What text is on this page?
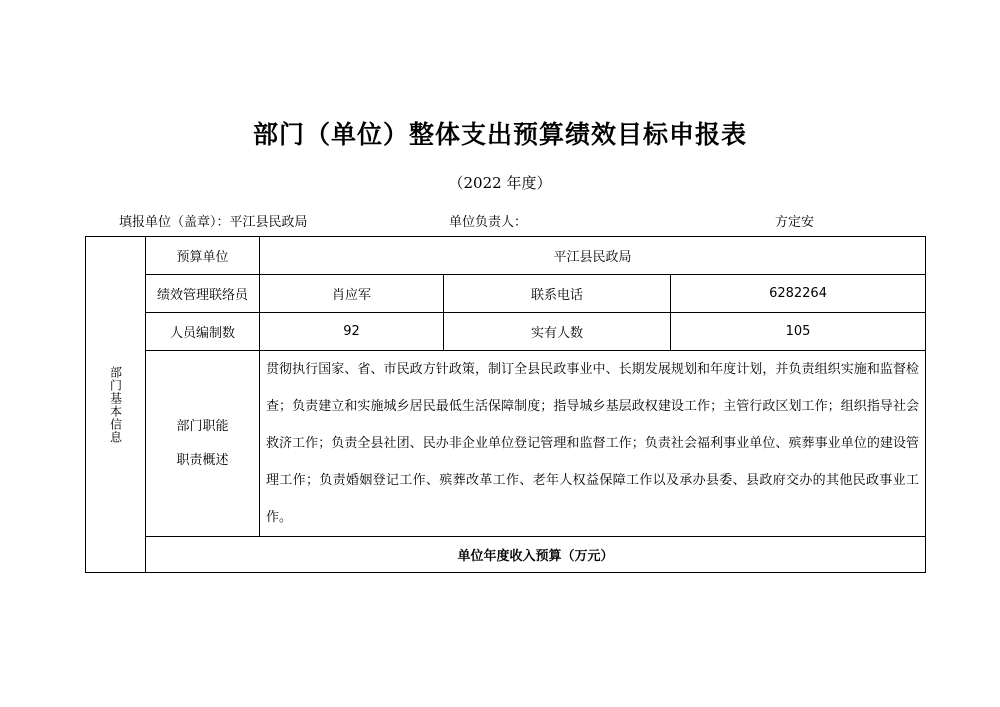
部门（单位）整体支出预算绩效目标申报表
（2022 年度）
填报单位（盖章）：平江县民政局	单位负责人：	方定安
部门基本信息	预算单位	平江县民政局		
	绩效管理联络员	肖应军	联系电话	6282264
	人员编制数	92	实有人数	105

	部门职能
职责概述	贯彻执行国家、省、市民政方针政策，制订全县民政事业中、长期发展规划和年度计划，并负责组织实施和监督检查；负责建立和实施城乡居民最低生活保障制度；指导城乡基层政权建设工作；主管行政区划工作；组织指导社会救济工作；负责全县社团、民办非企业单位登记管理和监督工作；负责社会福利事业单位、殡葬事业单位的建设管理工作；负责婚姻登记工作、殡葬改革工作、老年人权益保障工作以及承办县委、县政府交办的其他民政事业工作。		
	单位年度收入预算（万元）			
